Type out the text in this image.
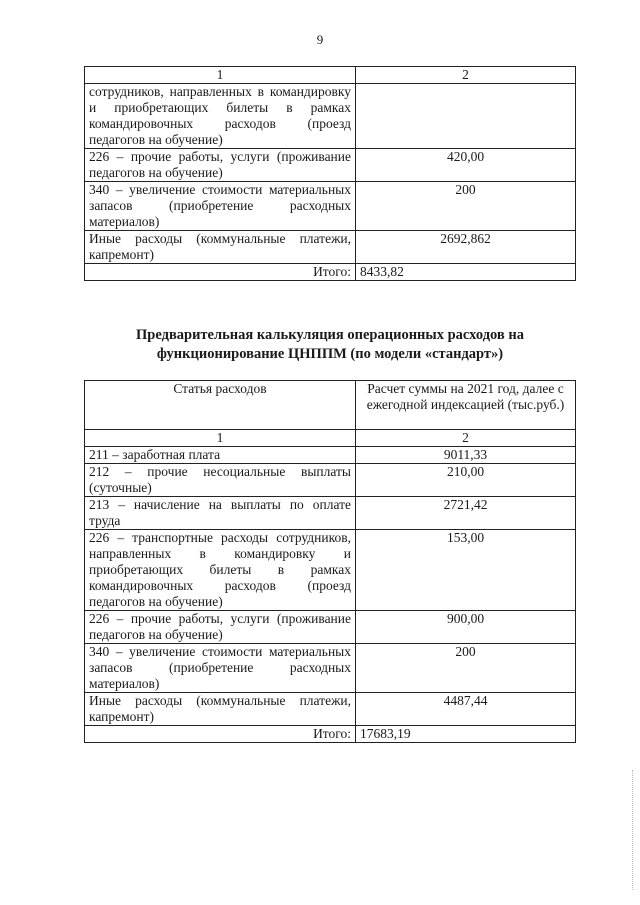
9
1	2
сотрудников, направленных в командировку и приобретающих билеты в рамках командировочных расходов (проезд педагогов на обучение)	
226 – прочие работы, услуги (проживание педагогов на обучение)	420,00
340 – увеличение стоимости материальных запасов (приобретение расходных материалов)	200
Иные расходы (коммунальные платежи, капремонт)	2692,862
Итого:	8433,82
Предварительная калькуляция операционных расходов на функционирование ЦНППМ (по модели «стандарт»)
Статья расходов	Расчет суммы на 2021 год, далее с ежегодной индексацией (тыс.руб.)
1	2
211 – заработная плата	9011,33
212 – прочие несоциальные выплаты (суточные)	210,00
213 – начисление на выплаты по оплате труда	2721,42
226 – транспортные расходы сотрудников, направленных в командировку и приобретающих билеты в рамках командировочных расходов (проезд педагогов на обучение)	153,00
226 – прочие работы, услуги (проживание педагогов на обучение)	900,00
340 – увеличение стоимости материальных запасов (приобретение расходных материалов)	200
Иные расходы (коммунальные платежи, капремонт)	4487,44
Итого:	17683,19
